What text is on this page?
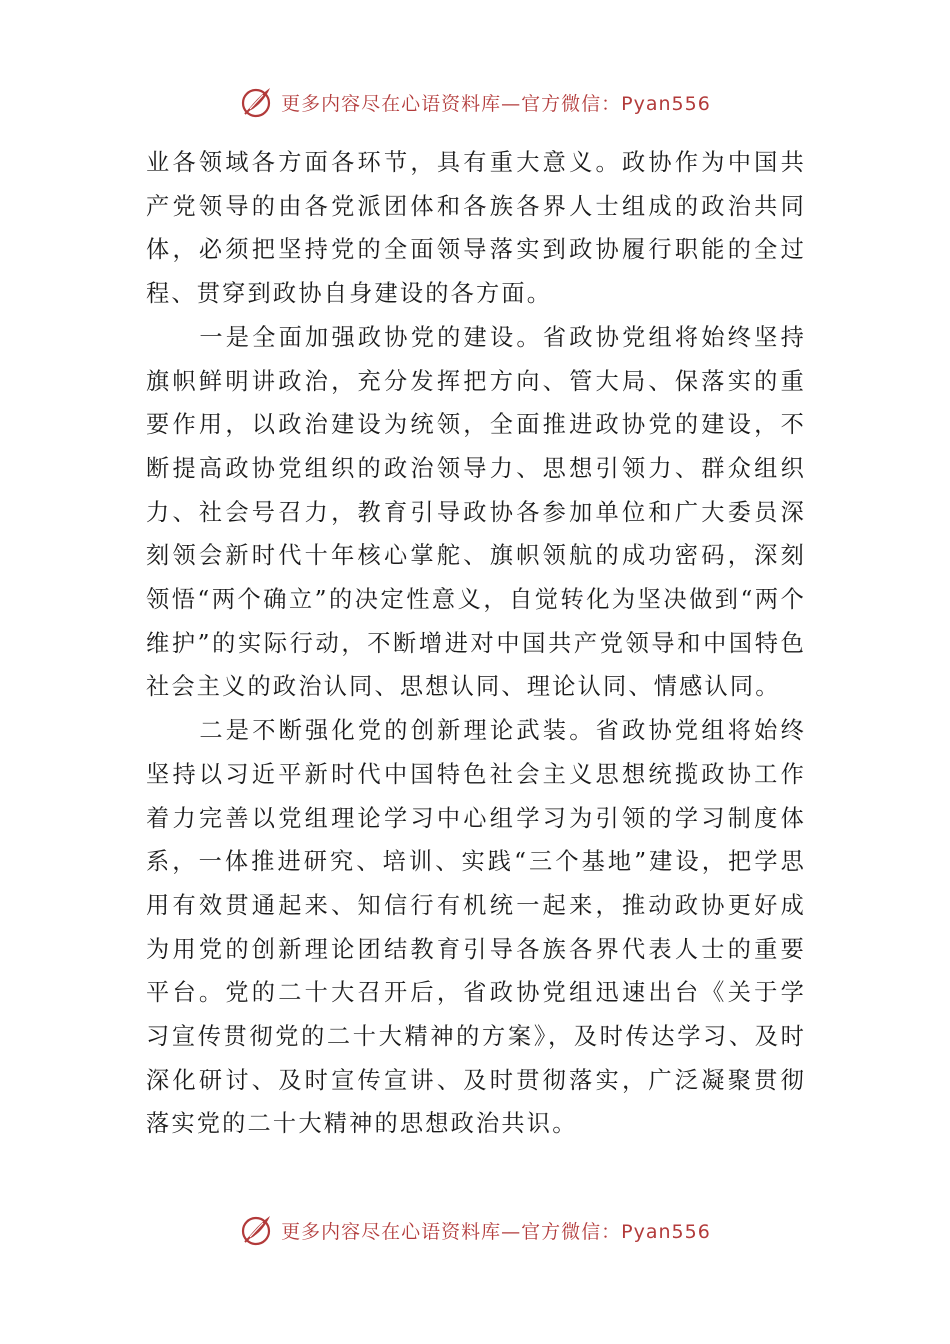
更多内容尽在心语资料库—官方微信：Pyan556

业各领域各方面各环节，具有重大意义。政协作为中国共产党领导的由各党派团体和各族各界人士组成的政治共同体，必须把坚持党的全面领导落实到政协履行职能的全过程、贯穿到政协自身建设的各方面。

一是全面加强政协党的建设。省政协党组将始终坚持旗帜鲜明讲政治，充分发挥把方向、管大局、保落实的重要作用，以政治建设为统领，全面推进政协党的建设，不断提高政协党组织的政治领导力、思想引领力、群众组织力、社会号召力，教育引导政协各参加单位和广大委员深刻领会新时代十年核心掌舵、旗帜领航的成功密码，深刻领悟“两个确立”的决定性意义，自觉转化为坚决做到“两个维护”的实际行动，不断增进对中国共产党领导和中国特色社会主义的政治认同、思想认同、理论认同、情感认同。

二是不断强化党的创新理论武装。省政协党组将始终坚持以习近平新时代中国特色社会主义思想统揽政协工作着力完善以党组理论学习中心组学习为引领的学习制度体系，一体推进研究、培训、实践“三个基地”建设，把学思用有效贯通起来、知信行有机统一起来，推动政协更好成为用党的创新理论团结教育引导各族各界代表人士的重要平台。党的二十大召开后，省政协党组迅速出台《关于学习宣传贯彻党的二十大精神的方案》，及时传达学习、及时深化研讨、及时宣传宣讲、及时贯彻落实，广泛凝聚贯彻落实党的二十大精神的思想政治共识。

更多内容尽在心语资料库—官方微信：Pyan556
